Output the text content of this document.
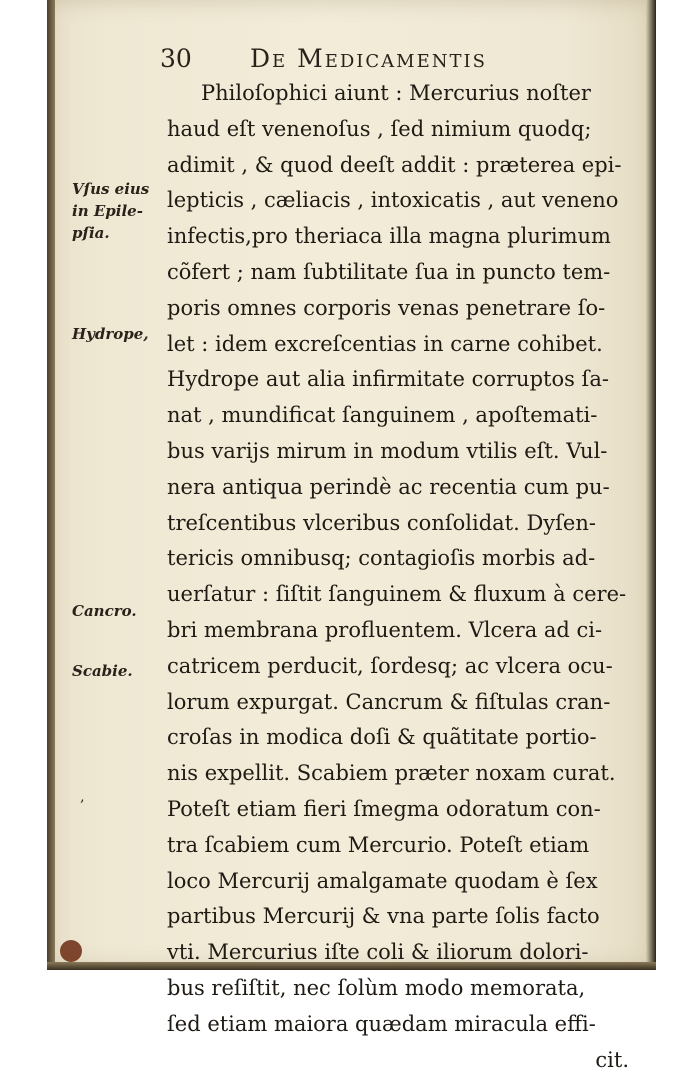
30 De Medicamentis
Vſus eius
in Epile-
pſia.
Hydrope,
Cancro.
Scabie.
‚
Philoſophici aiunt : Mercurius noſter
haud eſt venenoſus , ſed nimium quodq;
adimit , & quod deeſt addit : præterea epi-
lepticis , cæliacis , intoxicatis , aut veneno
infectis,pro theriaca illa magna plurimum
cõfert ; nam ſubtilitate ſua in puncto tem-
poris omnes corporis venas penetrare ſo-
let : idem excreſcentias in carne cohibet.
Hydrope aut alia infirmitate corruptos ſa-
nat , mundificat ſanguinem , apoſtemati-
bus varijs mirum in modum vtilis eſt. Vul-
nera antiqua perindè ac recentia cum pu-
treſcentibus vlceribus conſolidat. Dyſen-
tericis omnibusq; contagioſis morbis ad-
uerſatur : ſiſtit ſanguinem & fluxum à cere-
bri membrana profluentem. Vlcera ad ci-
catricem perducit, ſordesq; ac vlcera ocu-
lorum expurgat. Cancrum & fiſtulas cran-
croſas in modica doſi & quãtitate portio-
nis expellit. Scabiem præter noxam curat.
Poteſt etiam fieri ſmegma odoratum con-
tra ſcabiem cum Mercurio. Poteſt etiam
loco Mercurij amalgamate quodam è ſex
partibus Mercurij & vna parte ſolis facto
vti. Mercurius iſte coli & iliorum dolori-
bus reſiſtit, nec ſolùm modo memorata,
ſed etiam maiora quædam miracula effi-
cit.
